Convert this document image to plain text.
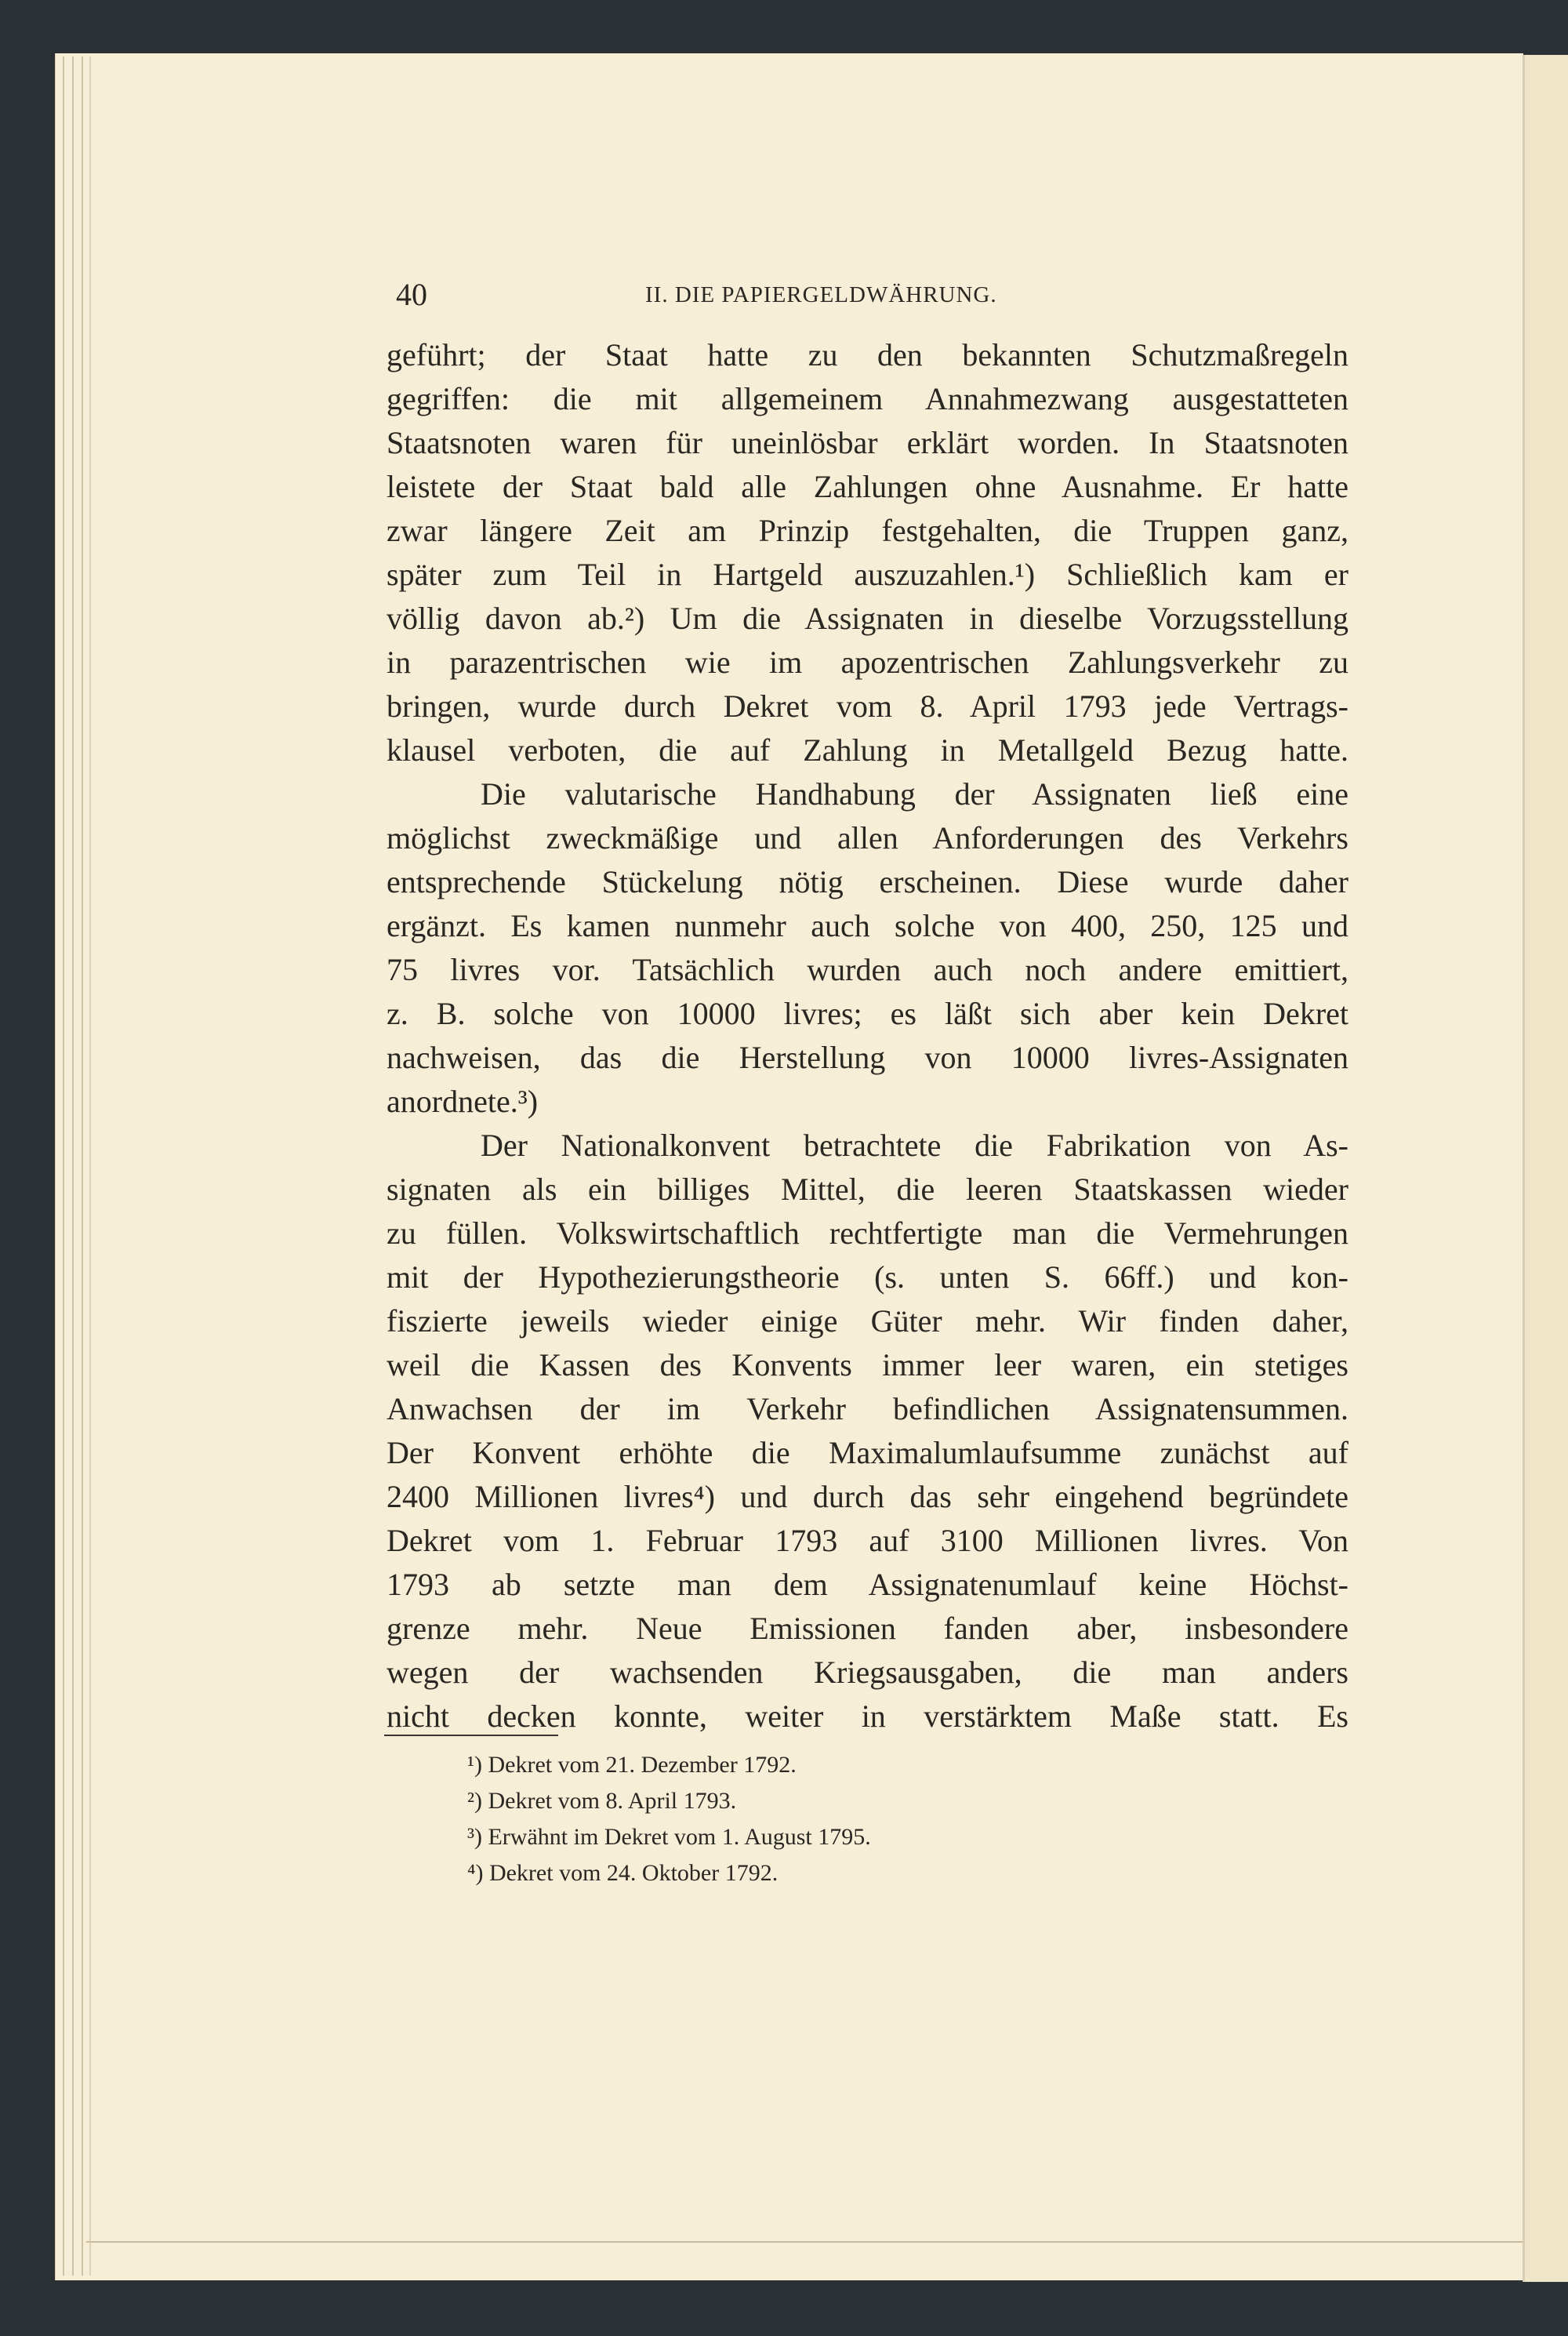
40	II. DIE PAPIERGELDWÄHRUNG.
geführt; der Staat hatte zu den bekannten Schutzmaßregeln
gegriffen: die mit allgemeinem Annahmezwang ausgestatteten
Staatsnoten waren für uneinlösbar erklärt worden. In Staatsnoten
leistete der Staat bald alle Zahlungen ohne Ausnahme. Er hatte
zwar längere Zeit am Prinzip festgehalten, die Truppen ganz,
später zum Teil in Hartgeld auszuzahlen.¹) Schließlich kam er
völlig davon ab.²) Um die Assignaten in dieselbe Vorzugsstellung
in parazentrischen wie im apozentrischen Zahlungsverkehr zu
bringen, wurde durch Dekret vom 8. April 1793 jede Vertrags-
klausel verboten, die auf Zahlung in Metallgeld Bezug hatte.
Die valutarische Handhabung der Assignaten ließ eine
möglichst zweckmäßige und allen Anforderungen des Verkehrs
entsprechende Stückelung nötig erscheinen. Diese wurde daher
ergänzt. Es kamen nunmehr auch solche von 400, 250, 125 und
75 livres vor. Tatsächlich wurden auch noch andere emittiert,
z. B. solche von 10000 livres; es läßt sich aber kein Dekret
nachweisen, das die Herstellung von 10000 livres-Assignaten
anordnete.³)
Der Nationalkonvent betrachtete die Fabrikation von As-
signaten als ein billiges Mittel, die leeren Staatskassen wieder
zu füllen. Volkswirtschaftlich rechtfertigte man die Vermehrungen
mit der Hypothezierungstheorie (s. unten S. 66ff.) und kon-
fiszierte jeweils wieder einige Güter mehr. Wir finden daher,
weil die Kassen des Konvents immer leer waren, ein stetiges
Anwachsen der im Verkehr befindlichen Assignatensummen.
Der Konvent erhöhte die Maximalumlaufsumme zunächst auf
2400 Millionen livres⁴) und durch das sehr eingehend begründete
Dekret vom 1. Februar 1793 auf 3100 Millionen livres. Von
1793 ab setzte man dem Assignatenumlauf keine Höchst-
grenze mehr. Neue Emissionen fanden aber, insbesondere
wegen der wachsenden Kriegsausgaben, die man anders
nicht decken konnte, weiter in verstärktem Maße statt. Es
¹) Dekret vom 21. Dezember 1792.
²) Dekret vom 8. April 1793.
³) Erwähnt im Dekret vom 1. August 1795.
⁴) Dekret vom 24. Oktober 1792.
